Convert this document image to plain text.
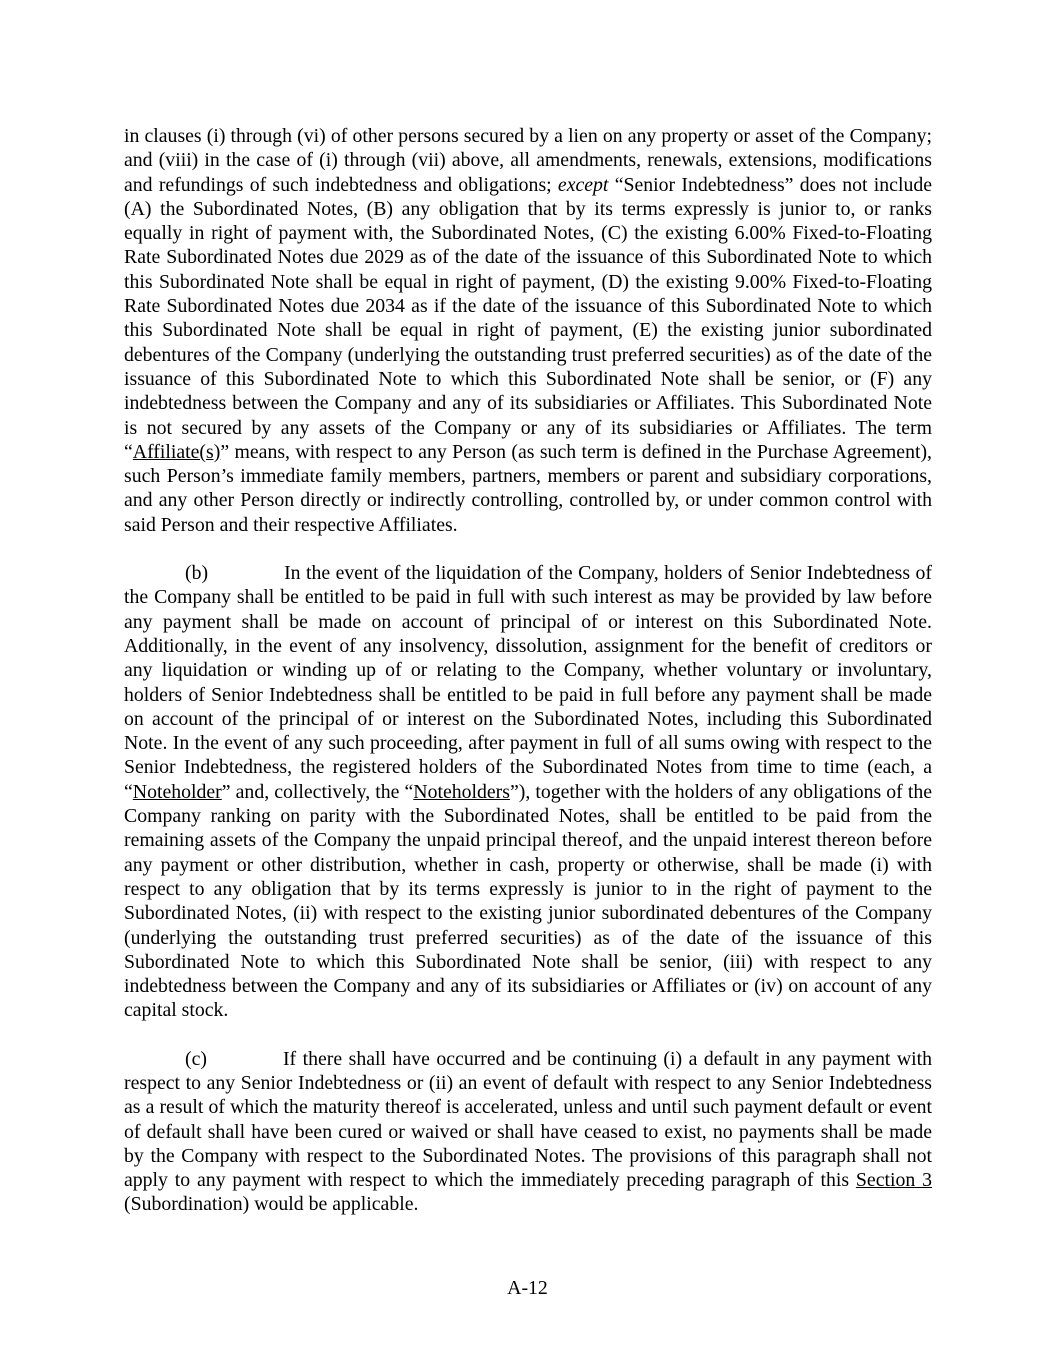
in clauses (i) through (vi) of other persons secured by a lien on any property or asset of the Company; and (viii) in the case of (i) through (vii) above, all amendments, renewals, extensions, modifications and refundings of such indebtedness and obligations; except “Senior Indebtedness” does not include (A) the Subordinated Notes, (B) any obligation that by its terms expressly is junior to, or ranks equally in right of payment with, the Subordinated Notes, (C) the existing 6.00% Fixed-to-Floating Rate Subordinated Notes due 2029 as of the date of the issuance of this Subordinated Note to which this Subordinated Note shall be equal in right of payment, (D) the existing 9.00% Fixed-to-Floating Rate Subordinated Notes due 2034 as if the date of the issuance of this Subordinated Note to which this Subordinated Note shall be equal in right of payment, (E) the existing junior subordinated debentures of the Company (underlying the outstanding trust preferred securities) as of the date of the issuance of this Subordinated Note to which this Subordinated Note shall be senior, or (F) any indebtedness between the Company and any of its subsidiaries or Affiliates. This Subordinated Note is not secured by any assets of the Company or any of its subsidiaries or Affiliates. The term “Affiliate(s)” means, with respect to any Person (as such term is defined in the Purchase Agreement), such Person’s immediate family members, partners, members or parent and subsidiary corporations, and any other Person directly or indirectly controlling, controlled by, or under common control with said Person and their respective Affiliates.

(b)	In the event of the liquidation of the Company, holders of Senior Indebtedness of the Company shall be entitled to be paid in full with such interest as may be provided by law before any payment shall be made on account of principal of or interest on this Subordinated Note. Additionally, in the event of any insolvency, dissolution, assignment for the benefit of creditors or any liquidation or winding up of or relating to the Company, whether voluntary or involuntary, holders of Senior Indebtedness shall be entitled to be paid in full before any payment shall be made on account of the principal of or interest on the Subordinated Notes, including this Subordinated Note. In the event of any such proceeding, after payment in full of all sums owing with respect to the Senior Indebtedness, the registered holders of the Subordinated Notes from time to time (each, a “Noteholder” and, collectively, the “Noteholders”), together with the holders of any obligations of the Company ranking on parity with the Subordinated Notes, shall be entitled to be paid from the remaining assets of the Company the unpaid principal thereof, and the unpaid interest thereon before any payment or other distribution, whether in cash, property or otherwise, shall be made (i) with respect to any obligation that by its terms expressly is junior to in the right of payment to the Subordinated Notes, (ii) with respect to the existing junior subordinated debentures of the Company (underlying the outstanding trust preferred securities) as of the date of the issuance of this Subordinated Note to which this Subordinated Note shall be senior, (iii) with respect to any indebtedness between the Company and any of its subsidiaries or Affiliates or (iv) on account of any capital stock.

(c)	If there shall have occurred and be continuing (i) a default in any payment with respect to any Senior Indebtedness or (ii) an event of default with respect to any Senior Indebtedness as a result of which the maturity thereof is accelerated, unless and until such payment default or event of default shall have been cured or waived or shall have ceased to exist, no payments shall be made by the Company with respect to the Subordinated Notes. The provisions of this paragraph shall not apply to any payment with respect to which the immediately preceding paragraph of this Section 3 (Subordination) would be applicable.

A-12
